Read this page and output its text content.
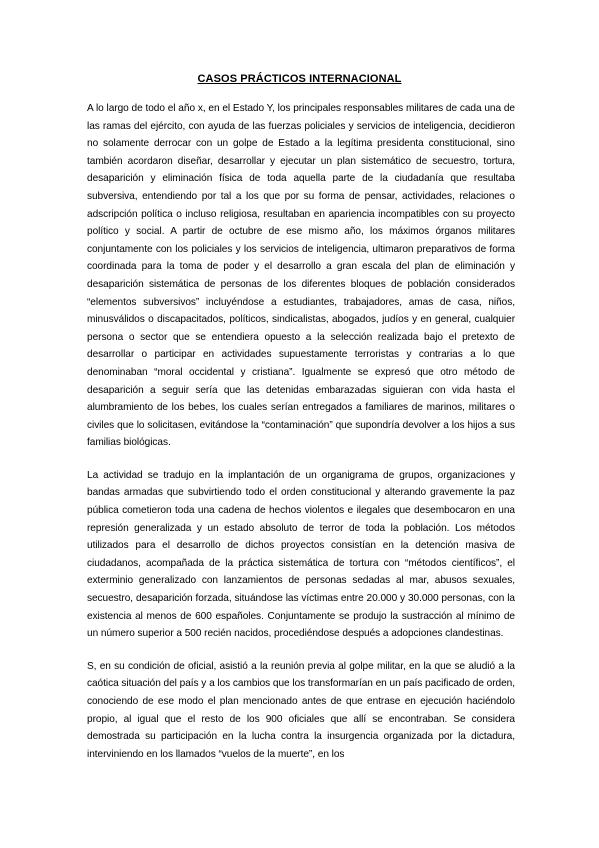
CASOS PRÁCTICOS INTERNACIONAL

A lo largo de todo el año x, en el Estado Y, los principales responsables militares de cada una de las ramas del ejército, con ayuda de las fuerzas policiales y servicios de inteligencia, decidieron no solamente derrocar con un golpe de Estado a la legítima presidenta constitucional, sino también acordaron diseñar, desarrollar y ejecutar un plan sistemático de secuestro, tortura, desaparición y eliminación física de toda aquella parte de la ciudadanía que resultaba subversiva, entendiendo por tal a los que por su forma de pensar, actividades, relaciones o adscripción política o incluso religiosa, resultaban en apariencia incompatibles con su proyecto político y social. A partir de octubre de ese mismo año, los máximos órganos militares conjuntamente con los policiales y los servicios de inteligencia, ultimaron preparativos de forma coordinada para la toma de poder y el desarrollo a gran escala del plan de eliminación y desaparición sistemática de personas de los diferentes bloques de población considerados “elementos subversivos” incluyéndose a estudiantes, trabajadores, amas de casa, niños, minusválidos o discapacitados, políticos, sindicalistas, abogados, judíos y en general, cualquier persona o sector que se entendiera opuesto a la selección realizada bajo el pretexto de desarrollar o participar en actividades supuestamente terroristas y contrarias a lo que denominaban “moral occidental y cristiana”. Igualmente se expresó que otro método de desaparición a seguir sería que las detenidas embarazadas siguieran con vida hasta el alumbramiento de los bebes, los cuales serían entregados a familiares de marinos, militares o civiles que lo solicitasen, evitándose la “contaminación” que supondría devolver a los hijos a sus familias biológicas.

La actividad se tradujo en la implantación de un organigrama de grupos, organizaciones y bandas armadas que subvirtiendo todo el orden constitucional y alterando gravemente la paz pública cometieron toda una cadena de hechos violentos e ilegales que desembocaron en una represión generalizada y un estado absoluto de terror de toda la población. Los métodos utilizados para el desarrollo de dichos proyectos consistían en la detención masiva de ciudadanos, acompañada de la práctica sistemática de tortura con “métodos científicos”, el exterminio generalizado con lanzamientos de personas sedadas al mar, abusos sexuales, secuestro, desaparición forzada, situándose las víctimas entre 20.000 y 30.000 personas, con la existencia al menos de 600 españoles. Conjuntamente se produjo la sustracción al mínimo de un número superior a 500 recién nacidos, procediéndose después a adopciones clandestinas.

S, en su condición de oficial, asistió a la reunión previa al golpe militar, en la que se aludió a la caótica situación del país y a los cambios que los transformarían en un país pacificado de orden, conociendo de ese modo el plan mencionado antes de que entrase en ejecución haciéndolo propio, al igual que el resto de los 900 oficiales que allí se encontraban. Se considera demostrada su participación en la lucha contra la insurgencia organizada por la dictadura, interviniendo en los llamados “vuelos de la muerte”, en los
